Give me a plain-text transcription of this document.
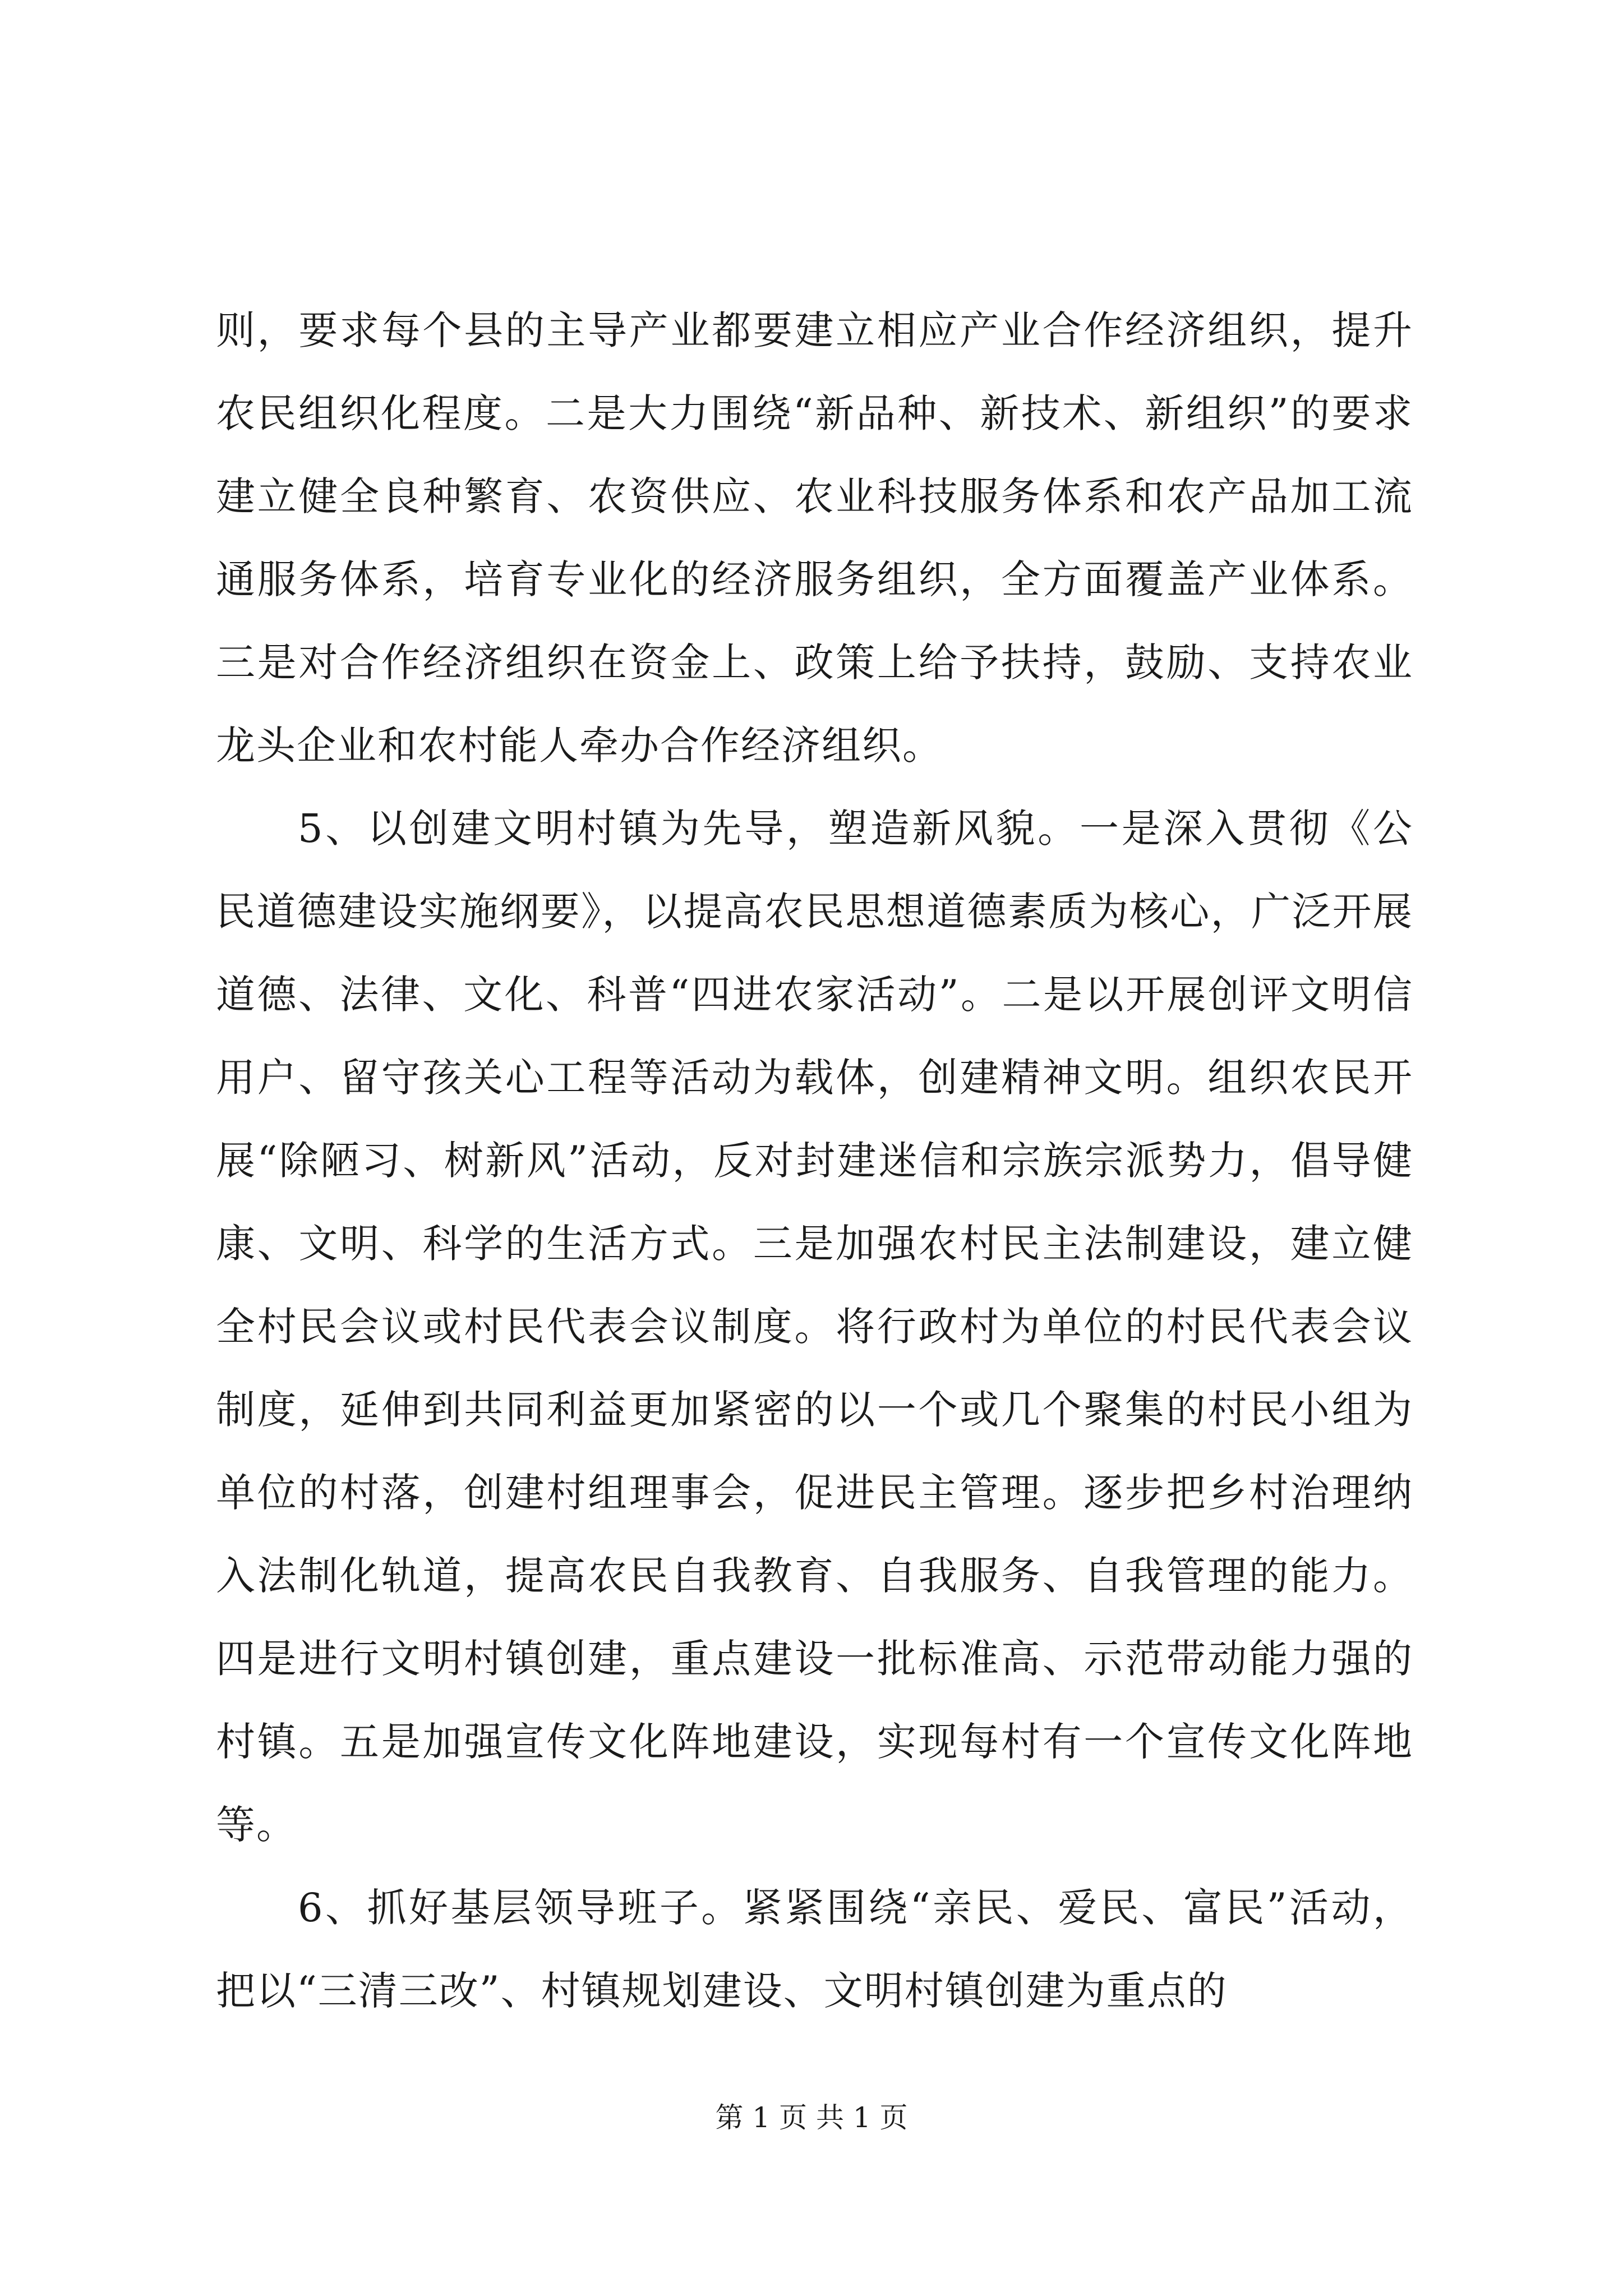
则，要求每个县的主导产业都要建立相应产业合作经济组织，提升农民组织化程度。二是大力围绕“新品种、新技术、新组织”的要求建立健全良种繁育、农资供应、农业科技服务体系和农产品加工流通服务体系，培育专业化的经济服务组织，全方面覆盖产业体系。三是对合作经济组织在资金上、政策上给予扶持，鼓励、支持农业龙头企业和农村能人牵办合作经济组织。

5、以创建文明村镇为先导，塑造新风貌。一是深入贯彻《公民道德建设实施纲要》，以提高农民思想道德素质为核心，广泛开展道德、法律、文化、科普“四进农家活动”。二是以开展创评文明信用户、留守孩关心工程等活动为载体，创建精神文明。组织农民开展“除陋习、树新风”活动，反对封建迷信和宗族宗派势力，倡导健康、文明、科学的生活方式。三是加强农村民主法制建设，建立健全村民会议或村民代表会议制度。将行政村为单位的村民代表会议制度，延伸到共同利益更加紧密的以一个或几个聚集的村民小组为单位的村落，创建村组理事会，促进民主管理。逐步把乡村治理纳入法制化轨道，提高农民自我教育、自我服务、自我管理的能力。四是进行文明村镇创建，重点建设一批标准高、示范带动能力强的村镇。五是加强宣传文化阵地建设，实现每村有一个宣传文化阵地等。

6、抓好基层领导班子。紧紧围绕“亲民、爱民、富民”活动，把以“三清三改”、村镇规划建设、文明村镇创建为重点的

第 1 页 共 1 页
